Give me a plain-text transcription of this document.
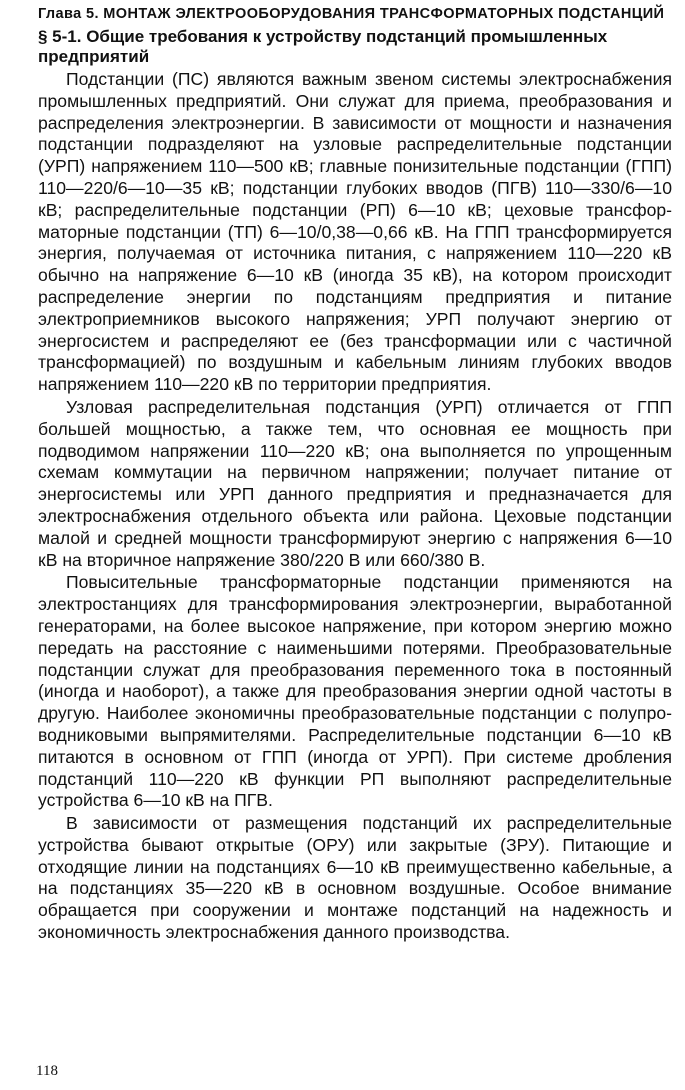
Глава 5. МОНТАЖ ЭЛЕКТРООБОРУДОВАНИЯ ТРАНСФОРМАТОРНЫХ ПОДСТАНЦИЙ
§ 5-1. Общие требования к устройству подстанций промышленных предприятий

Подстанции (ПС) являются важным звеном системы электроснабжения промышленных предприятий. Они служат для приема, преобразования и распределения электроэнергии. В зависимости от мощности и назначения подстанции подразделяют на узловые распределительные подстанции (УРП) напряжением 110—500 кВ; главные понизительные подстанции (ГПП) 110—220/6—10—35 кВ; подстанции глубоких вводов (ПГВ) 110—330/6—10 кВ; распределительные подстанции (РП) 6—10 кВ; цеховые трансформаторные подстанции (ТП) 6—10/0,38—0,66 кВ. На ГПП трансформируется энергия, получаемая от источника питания, с напряжением 110—220 кВ обычно на напряжение 6—10 кВ (иногда 35 кВ), на котором происходит распределение энергии по подстанциям предприятия и питание электроприемников высокого напряжения; УРП получают энергию от энергосистем и распределяют ее (без трансформации или с частичной трансформацией) по воздушным и кабельным линиям глубоких вводов напряжением 110—220 кВ по территории предприятия.

Узловая распределительная подстанция (УРП) отличается от ГПП большей мощностью, а также тем, что основная ее мощность при подводимом напряжении 110—220 кВ; она выполняется по упрощенным схемам коммутации на первичном напряжении; получает питание от энергосистемы или УРП данного предприятия и предназначается для электроснабжения отдельного объекта или района. Цеховые подстанции малой и средней мощности трансформируют энергию с напряжения 6—10 кВ на вторичное напряжение 380/220 В или 660/380 В.

Повысительные трансформаторные подстанции применяются на электростанциях для трансформирования электроэнергии, выработанной генераторами, на более высокое напряжение, при котором энергию можно передать на расстояние с наименьшими потерями. Преобразовательные подстанции служат для преобразования переменного тока в постоянный (иногда и наоборот), а также для преобразования энергии одной частоты в другую. Наиболее экономичны преобразовательные подстанции с полупроводниковыми выпрямителями. Распределительные подстанции 6—10 кВ питаются в основном от ГПП (иногда от УРП). При системе дробления подстанций 110—220 кВ функции РП выполняют распределительные устройства 6—10 кВ на ПГВ.

В зависимости от размещения подстанций их распределительные устройства бывают открытые (ОРУ) или закрытые (ЗРУ). Питающие и отходящие линии на подстанциях 6—10 кВ преимущественно кабельные, а на подстанциях 35—220 кВ в основном воздушные. Особое внимание обращается при сооружении и монтаже подстанций на надежность и экономичность электроснабжения данного производства.

118
